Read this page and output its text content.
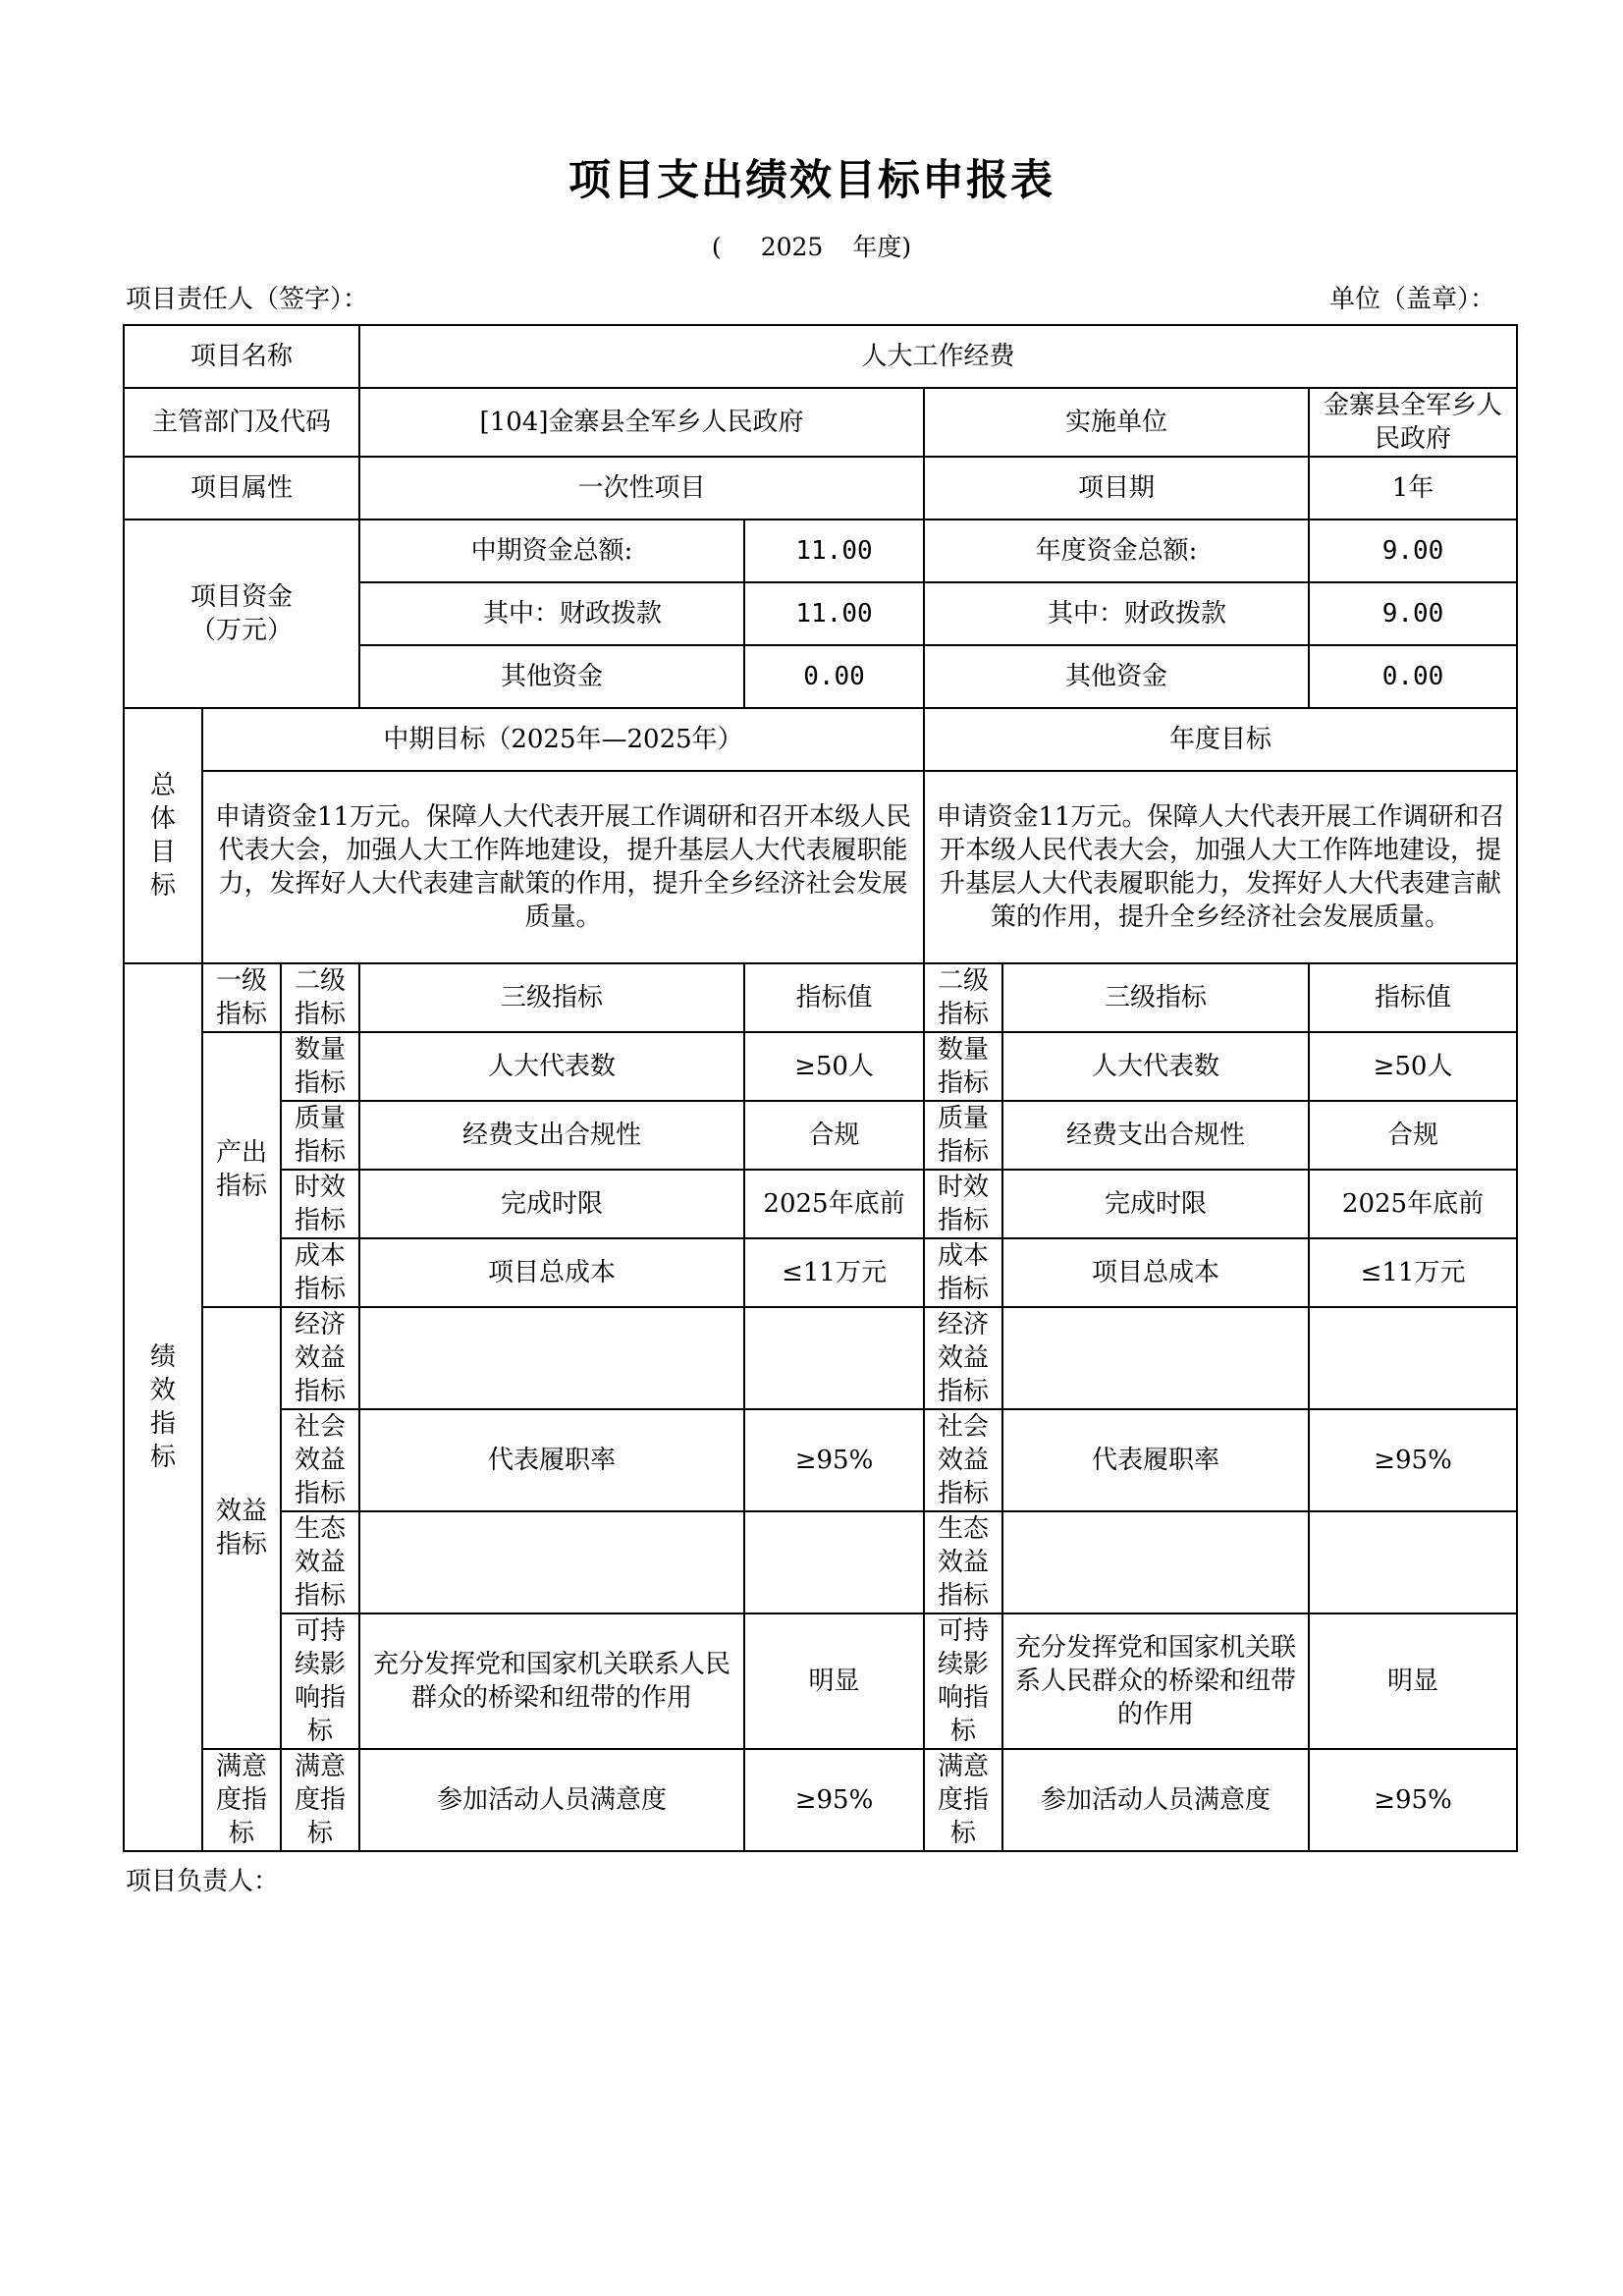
项目支出绩效目标申报表
( 2025 年度)
项目责任人（签字）：	单位（盖章）：
项目名称			人大工作经费				
主管部门及代码			[104]金寨县全军乡人民政府		实施单位		金寨县全军乡人民政府
项目属性			一次性项目		项目期		1年
项目资金（万元）			中期资金总额:	11.00	年度资金总额:		9.00
			其中：财政拨款	11.00	其中：财政拨款		9.00
			其他资金	0.00	其他资金		0.00
总体目标	中期目标（2025年—2025年）				年度目标		
	申请资金11万元。保障人大代表开展工作调研和召开本级人民代表大会，加强人大工作阵地建设，提升基层人大代表履职能力，发挥好人大代表建言献策的作用，提升全乡经济社会发展质量。				申请资金11万元。保障人大代表开展工作调研和召开本级人民代表大会，加强人大工作阵地建设，提升基层人大代表履职能力，发挥好人大代表建言献策的作用，提升全乡经济社会发展质量。		
绩效指标	一级指标	二级指标	三级指标	指标值	二级指标	三级指标	指标值
	产出指标	数量指标	人大代表数	≥50人	数量指标	人大代表数	≥50人
		质量指标	经费支出合规性	合规	质量指标	经费支出合规性	合规
		时效指标	完成时限	2025年底前	时效指标	完成时限	2025年底前
		成本指标	项目总成本	≤11万元	成本指标	项目总成本	≤11万元
	效益指标	经济效益指标			经济效益指标		
		社会效益指标	代表履职率	≥95%	社会效益指标	代表履职率	≥95%
		生态效益指标			生态效益指标		
		可持续影响指标	充分发挥党和国家机关联系人民群众的桥梁和纽带的作用	明显	可持续影响指标	充分发挥党和国家机关联系人民群众的桥梁和纽带的作用	明显
	满意度指标	满意度指标	参加活动人员满意度	≥95%	满意度指标	参加活动人员满意度	≥95%
项目负责人：
